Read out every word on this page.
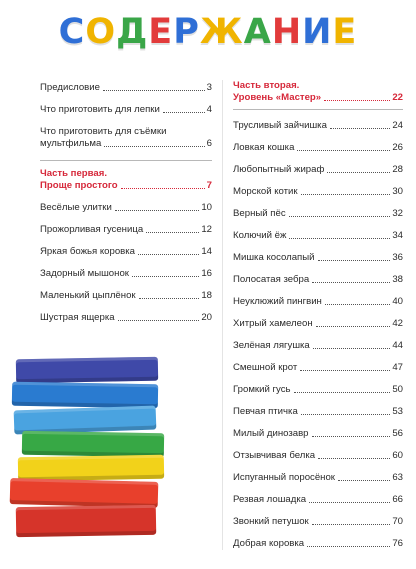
СОДЕРЖАНИЕ
Предисловие	3
Что приготовить для лепки	4
Что приготовить для съёмки
мультфильма	6
Часть первая.
Проще простого	7
Весёлые улитки	10
Прожорливая гусеница	12
Яркая божья коровка	14
Задорный мышонок	16
Маленький цыплёнок	18
Шустрая ящерка	20
Часть вторая.
Уровень «Мастер»	22
Трусливый зайчишка	24
Ловкая кошка	26
Любопытный жираф	28
Морской котик	30
Верный пёс	32
Колючий ёж	34
Мишка косолапый	36
Полосатая зебра	38
Неуклюжий пингвин	40
Хитрый хамелеон	42
Зелёная лягушка	44
Смешной крот	47
Громкий гусь	50
Певчая птичка	53
Милый динозавр	56
Отзывчивая белка	60
Испуганный поросёнок	63
Резвая лошадка	66
Звонкий петушок	70
Добрая коровка	76
